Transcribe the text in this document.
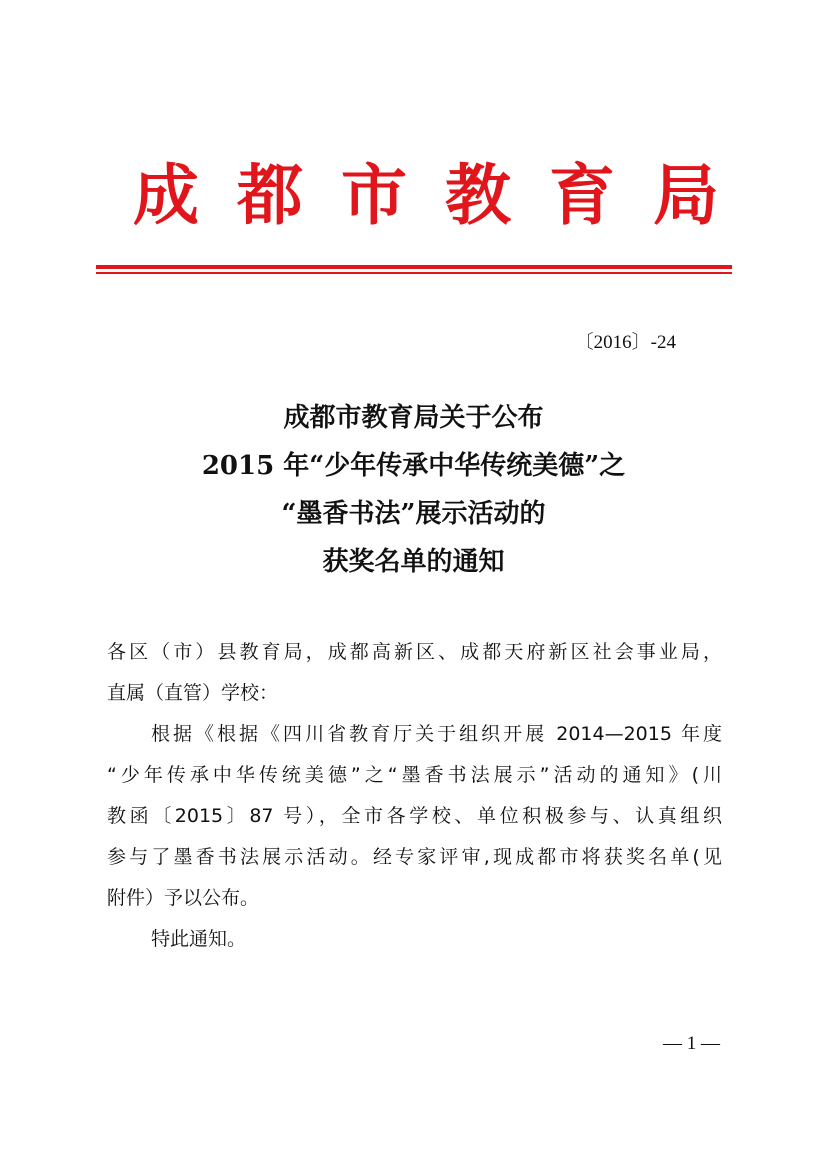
成都市教育局
〔2016〕-24
成都市教育局关于公布
2015 年“少年传承中华传统美德”之
“墨香书法”展示活动的
获奖名单的通知
各区（市）县教育局，成都高新区、成都天府新区社会事业局，
直属（直管）学校：
根据《根据《四川省教育厅关于组织开展 2014—2015 年度
“少年传承中华传统美德”之“墨香书法展示”活动的通知》(川
教函〔2015〕87 号），全市各学校、单位积极参与、认真组织
参与了墨香书法展示活动。经专家评审,现成都市将获奖名单(见
附件）予以公布。
特此通知。
— 1 —
